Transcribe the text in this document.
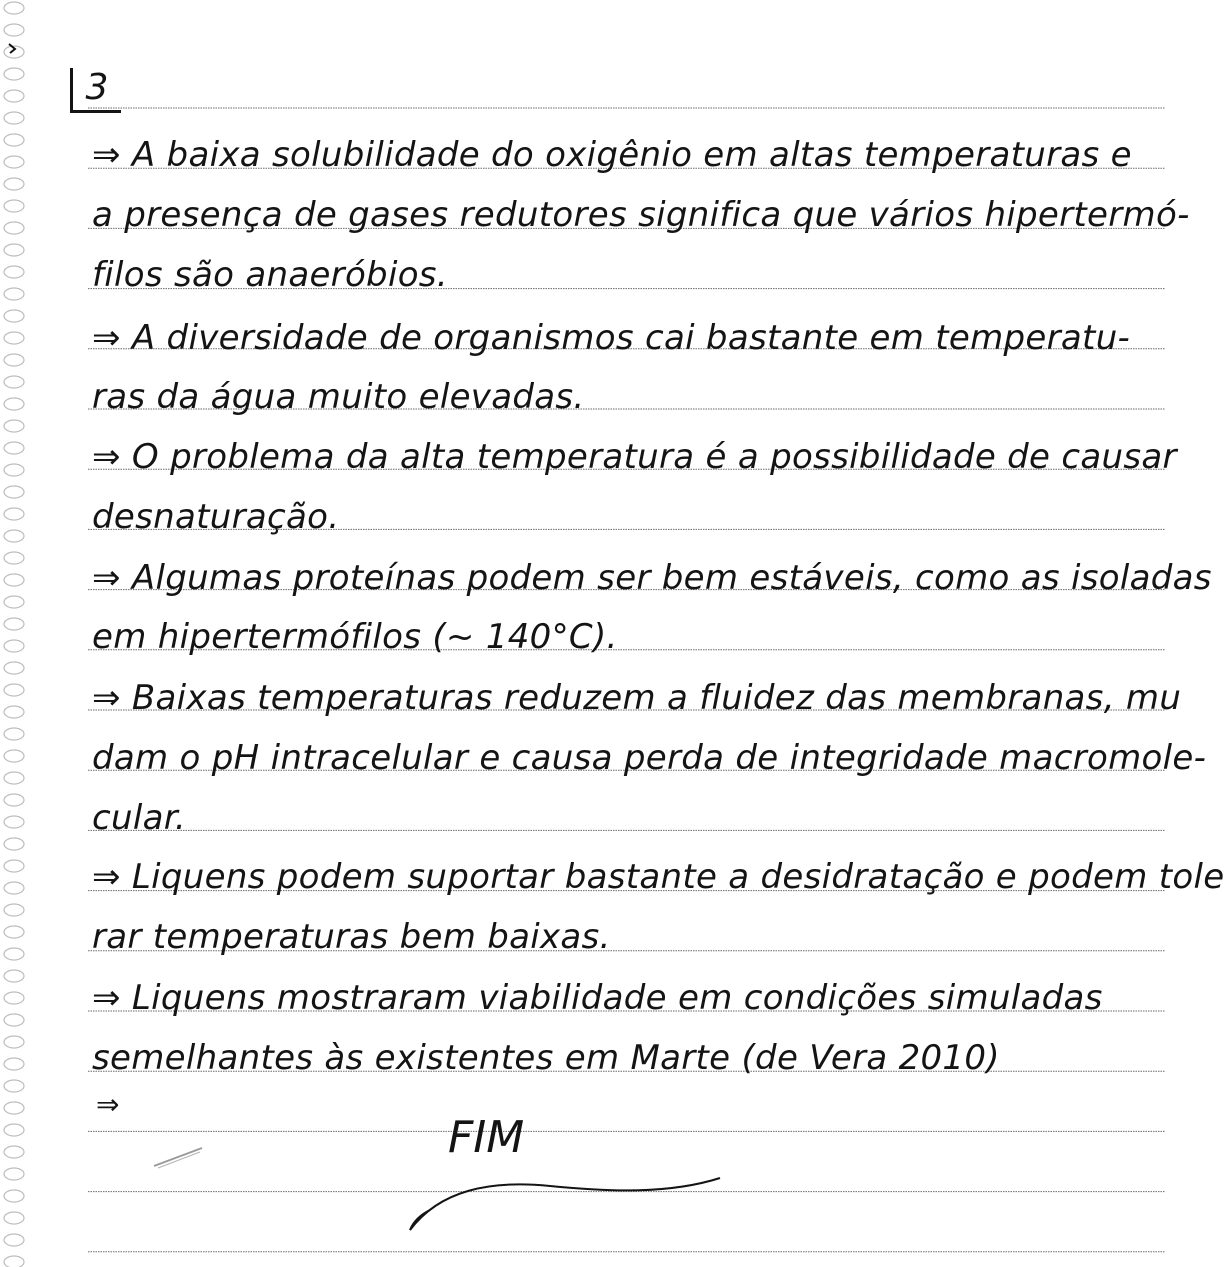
3
⇒ A baixa solubilidade do oxigênio em altas temperaturas e
a presença de gases redutores significa que vários hipertermó-
filos são anaeróbios.
⇒ A diversidade de organismos cai bastante em temperatu-
ras da água muito elevadas.
⇒ O problema da alta temperatura é a possibilidade de causar
desnaturação.
⇒ Algumas proteínas podem ser bem estáveis, como as isoladas
em hipertermófilos (~ 140°C).
⇒ Baixas temperaturas reduzem a fluidez das membranas, mu
dam o pH intracelular e causa perda de integridade macromole-
cular.
⇒ Liquens podem suportar bastante a desidratação e podem tole
rar temperaturas bem baixas.
⇒ Liquens mostraram viabilidade em condições simuladas
semelhantes às existentes em Marte (de Vera 2010)
⇒
FIM
